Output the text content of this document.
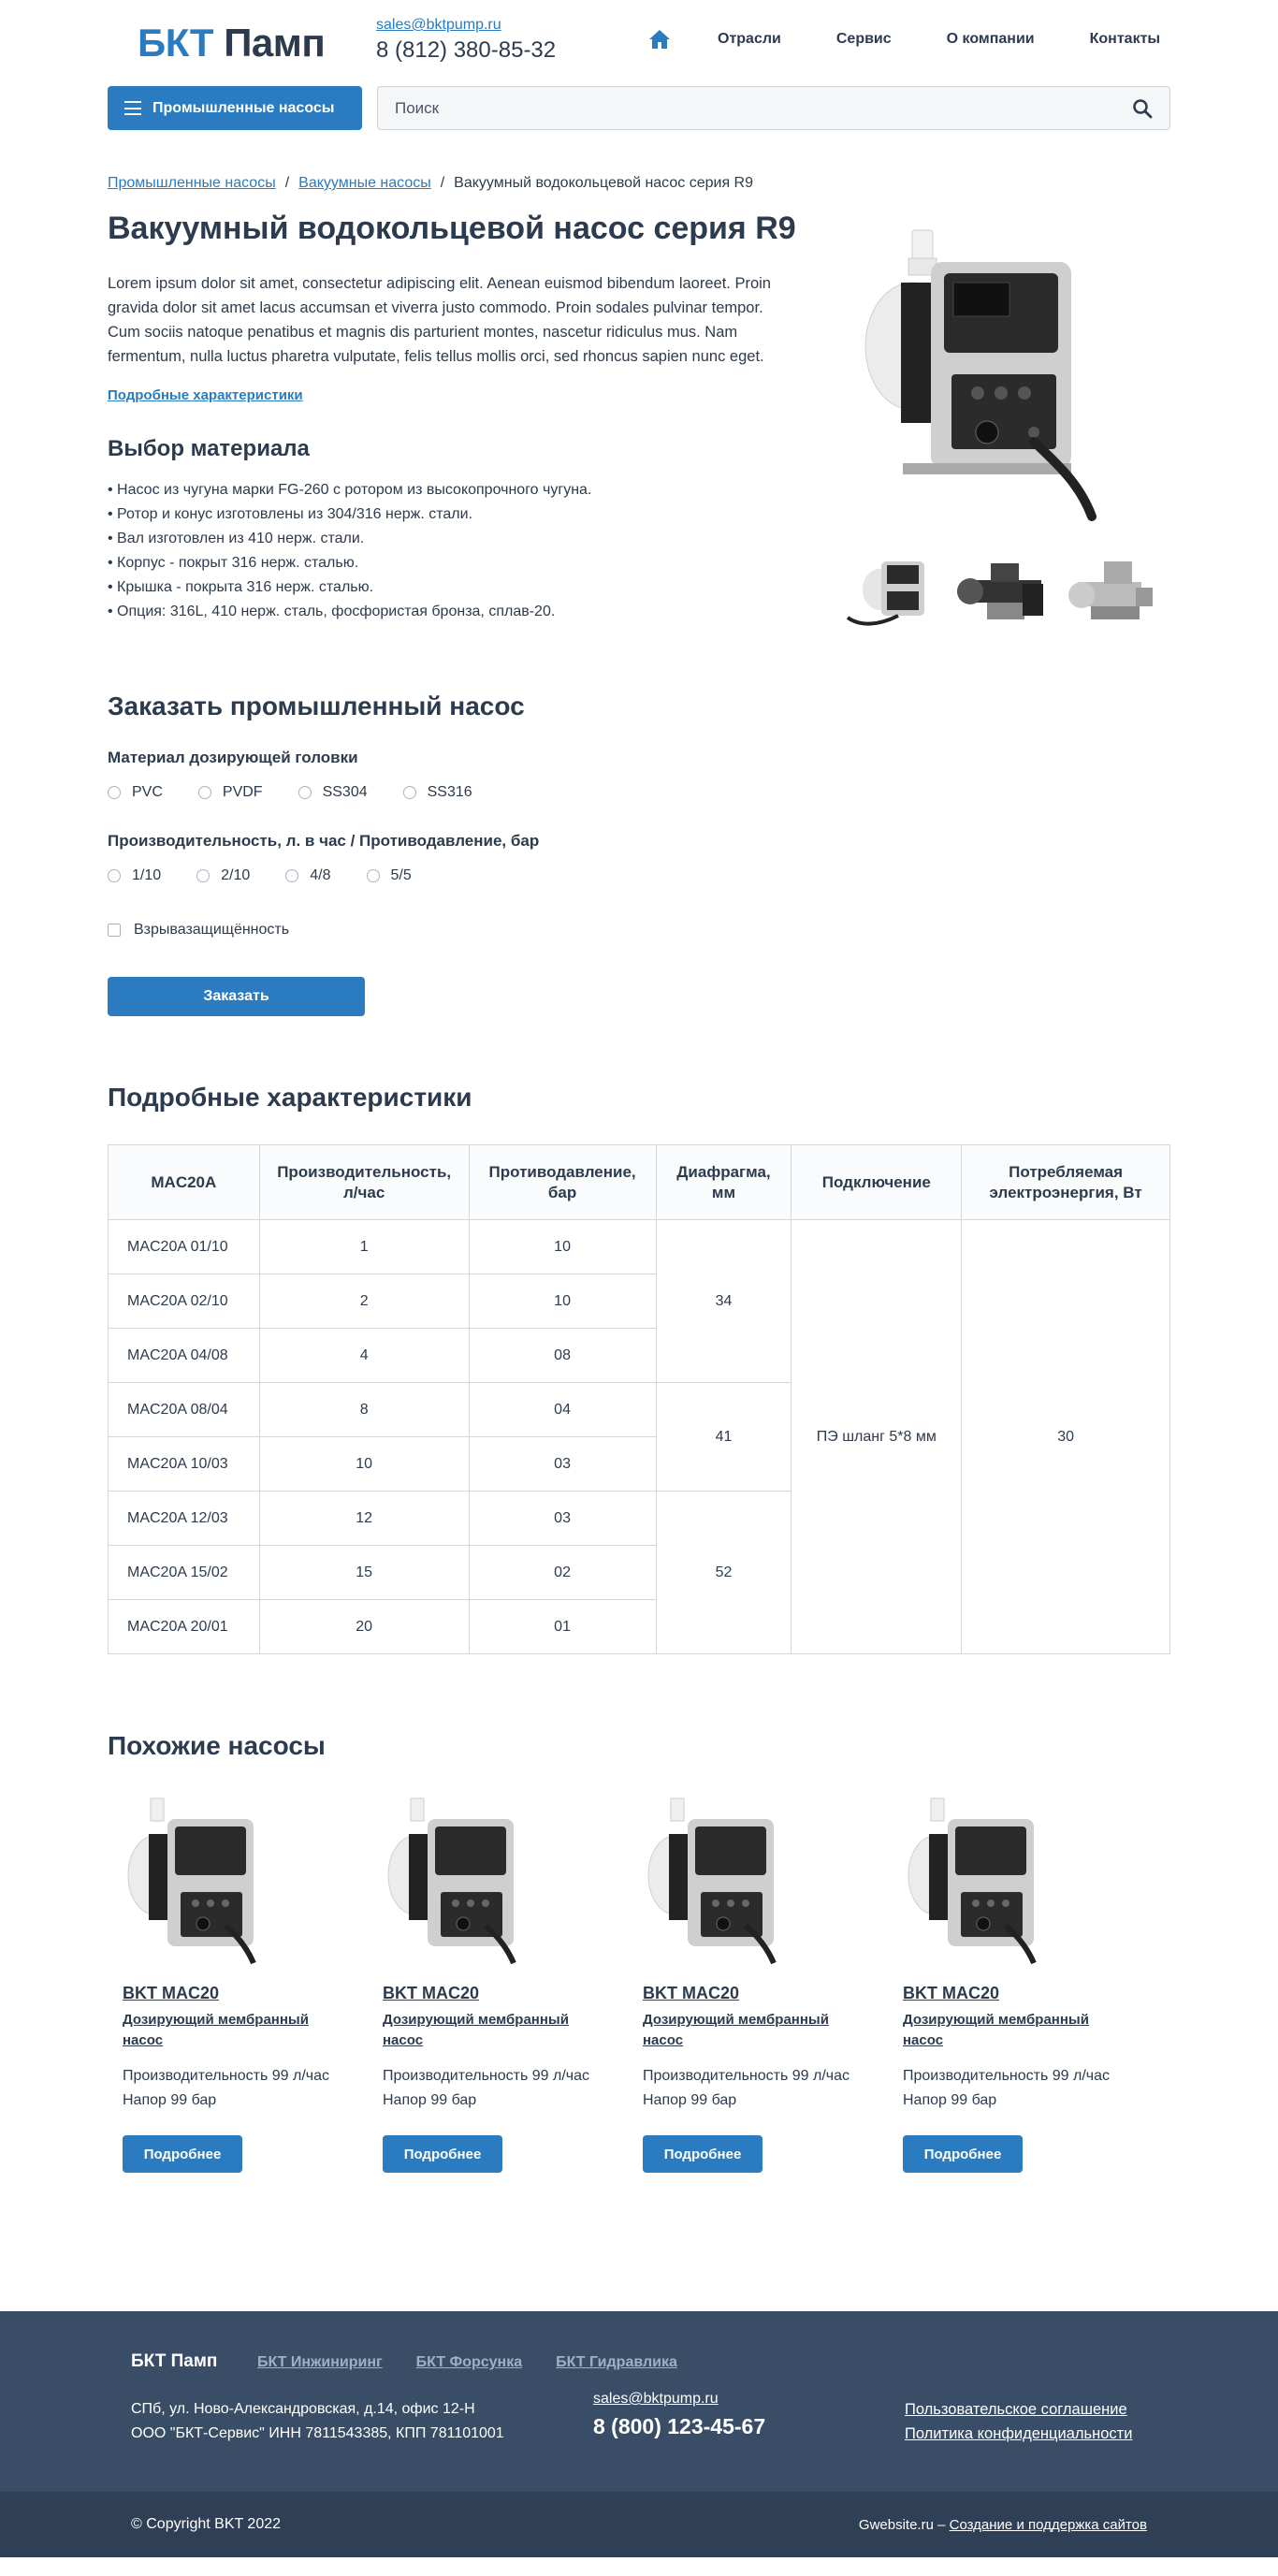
БКТ Памп	sales@bktpump.ru
8 (812) 380-85-32	Отрасли	Сервис	О компании	Контакты
Промышленные насосы
Поиск
Промышленные насосы / Вакуумные насосы / Вакуумный водокольцевой насос серия R9
Вакуумный водокольцевой насос серия R9

Lorem ipsum dolor sit amet, consectetur adipiscing elit. Aenean euismod bibendum laoreet. Proin gravida dolor sit amet lacus accumsan et viverra justo commodo. Proin sodales pulvinar tempor. Cum sociis natoque penatibus et magnis dis parturient montes, nascetur ridiculus mus. Nam fermentum, nulla luctus pharetra vulputate, felis tellus mollis orci, sed rhoncus sapien nunc eget.

Подробные характеристики
Выбор материала
• Насос из чугуна марки FG-260 с ротором из высокопрочного чугуна.
• Ротор и конус изготовлены из 304/316 нерж. стали.
• Вал изготовлен из 410 нерж. стали.
• Корпус - покрыт 316 нерж. сталью.
• Крышка - покрыта 316 нерж. сталью.
• Опция: 316L, 410 нерж. сталь, фосфористая бронза, сплав-20.
Заказать промышленный насос
Материал дозирующей головки
PVC	PVDF	SS304	SS316
Производительность, л. в час / Противодавление, бар
1/10	2/10	4/8	5/5
Взрывазащищённость
Заказать
Подробные характеристики
MAC20A	Производительность, л/час	Противодавление, бар	Диафрагма, мм	Подключение	Потребляемая электроэнергия, Вт
MAC20A 01/10	1	10	34	ПЭ шланг 5*8 мм	30
MAC20A 02/10	2	10			
MAC20A 04/08	4	08			
MAC20A 08/04	8	04	41		
MAC20A 10/03	10	03			
MAC20A 12/03	12	03	52		
MAC20A 15/02	15	02			
MAC20A 20/01	20	01			
Похожие насосы
BKT MAC20
Дозирующий мембранный насос
Производительность 99 л/час
Напор 99 бар
Подробнее
BKT MAC20
Дозирующий мембранный насос
Производительность 99 л/час
Напор 99 бар
Подробнее
BKT MAC20
Дозирующий мембранный насос
Производительность 99 л/час
Напор 99 бар
Подробнее
BKT MAC20
Дозирующий мембранный насос
Производительность 99 л/час
Напор 99 бар
Подробнее
БКТ Памп	БКТ Инжиниринг БКТ Форсунка БКТ Гидравлика
СПб, ул. Ново-Александровская, д.14, офис 12-Н
ООО "БКТ-Сервис" ИНН 7811543385, КПП 781101001
sales@bktpump.ru
8 (800) 123-45-67
Пользовательское соглашение
Политика конфиденциальности
© Copyright BKT 2022	Gwebsite.ru – Создание и поддержка сайтов
